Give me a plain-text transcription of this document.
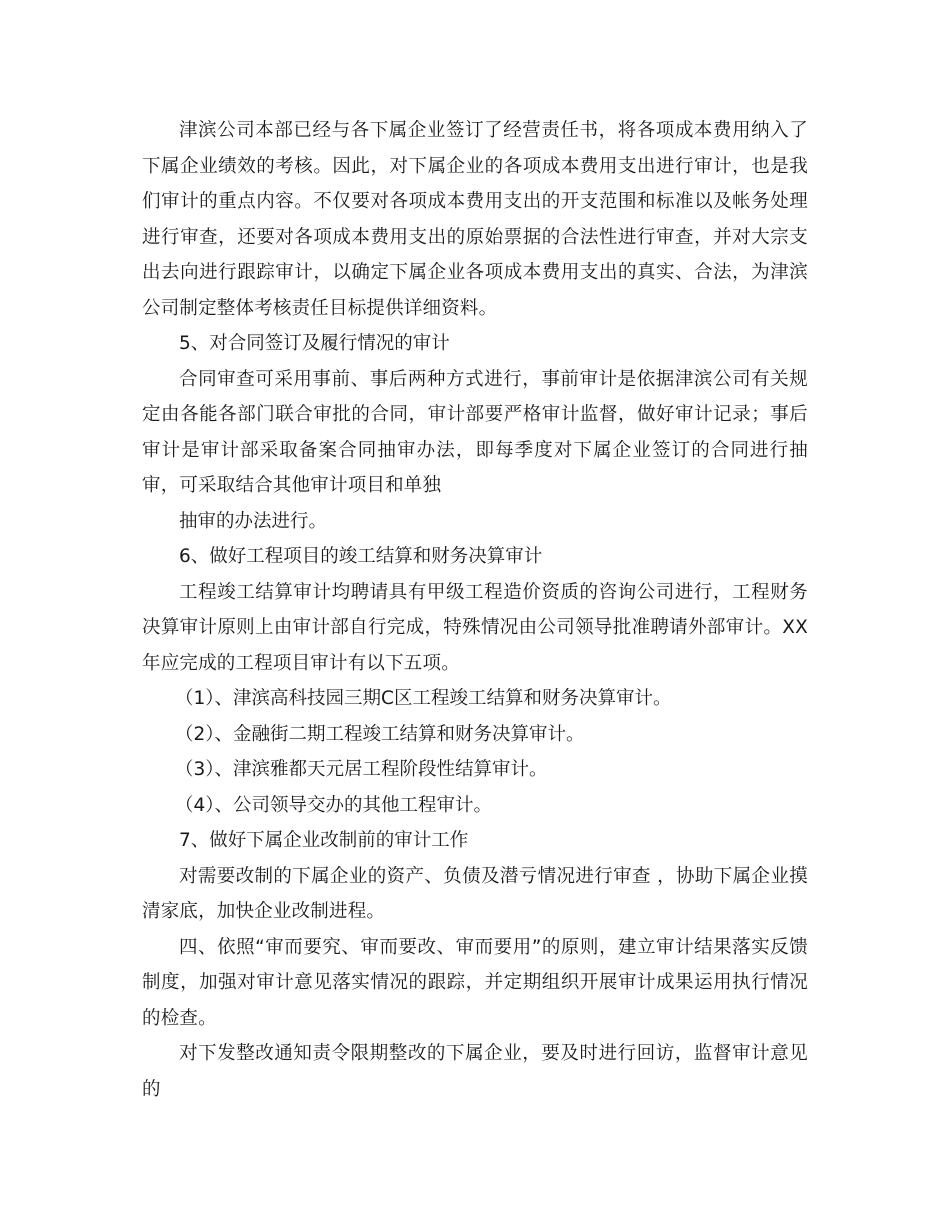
津滨公司本部已经与各下属企业签订了经营责任书，将各项成本费用纳入了下属企业绩效的考核。因此，对下属企业的各项成本费用支出进行审计，也是我们审计的重点内容。不仅要对各项成本费用支出的开支范围和标准以及帐务处理进行审查，还要对各项成本费用支出的原始票据的合法性进行审查，并对大宗支出去向进行跟踪审计，以确定下属企业各项成本费用支出的真实、合法，为津滨公司制定整体考核责任目标提供详细资料。

5、对合同签订及履行情况的审计

合同审查可采用事前、事后两种方式进行，事前审计是依据津滨公司有关规定由各能各部门联合审批的合同，审计部要严格审计监督，做好审计记录；事后审计是审计部采取备案合同抽审办法，即每季度对下属企业签订的合同进行抽审，可采取结合其他审计项目和单独

抽审的办法进行。

6、做好工程项目的竣工结算和财务决算审计

工程竣工结算审计均聘请具有甲级工程造价资质的咨询公司进行，工程财务决算审计原则上由审计部自行完成，特殊情况由公司领导批准聘请外部审计。XX年应完成的工程项目审计有以下五项。

（1）、津滨高科技园三期C区工程竣工结算和财务决算审计。

（2）、金融街二期工程竣工结算和财务决算审计。

（3）、津滨雅都天元居工程阶段性结算审计。

（4）、公司领导交办的其他工程审计。

7、做好下属企业改制前的审计工作

对需要改制的下属企业的资产、负债及潜亏情况进行审查 ，协助下属企业摸清家底，加快企业改制进程。

四、依照“审而要究、审而要改、审而要用”的原则，建立审计结果落实反馈制度，加强对审计意见落实情况的跟踪，并定期组织开展审计成果运用执行情况的检查。

对下发整改通知责令限期整改的下属企业，要及时进行回访，监督审计意见的
